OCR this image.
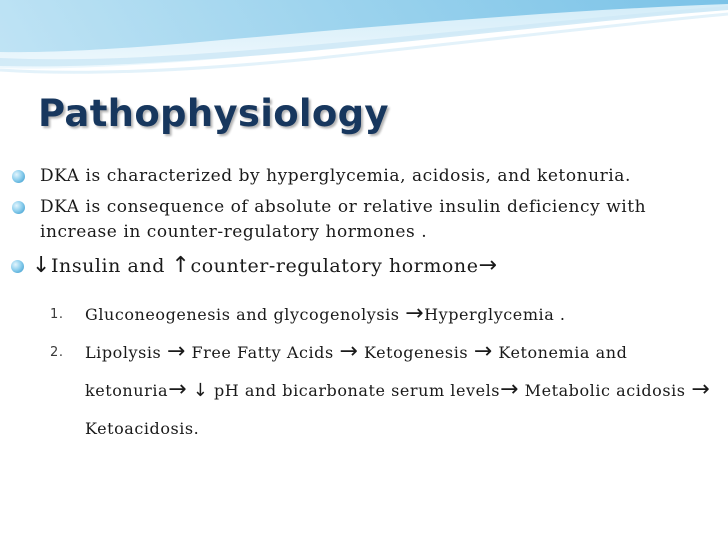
Pathophysiology
DKA is characterized by hyperglycemia, acidosis, and ketonuria.
DKA is consequence of absolute or relative insulin deficiency with increase in counter-regulatory hormones .
↓Insulin and ↑counter-regulatory hormone→
1. Gluconeogenesis and glycogenolysis →Hyperglycemia .
2. Lipolysis → Free Fatty Acids → Ketogenesis → Ketonemia and ketonuria→ ↓ pH and bicarbonate serum levels→ Metabolic acidosis → Ketoacidosis.
